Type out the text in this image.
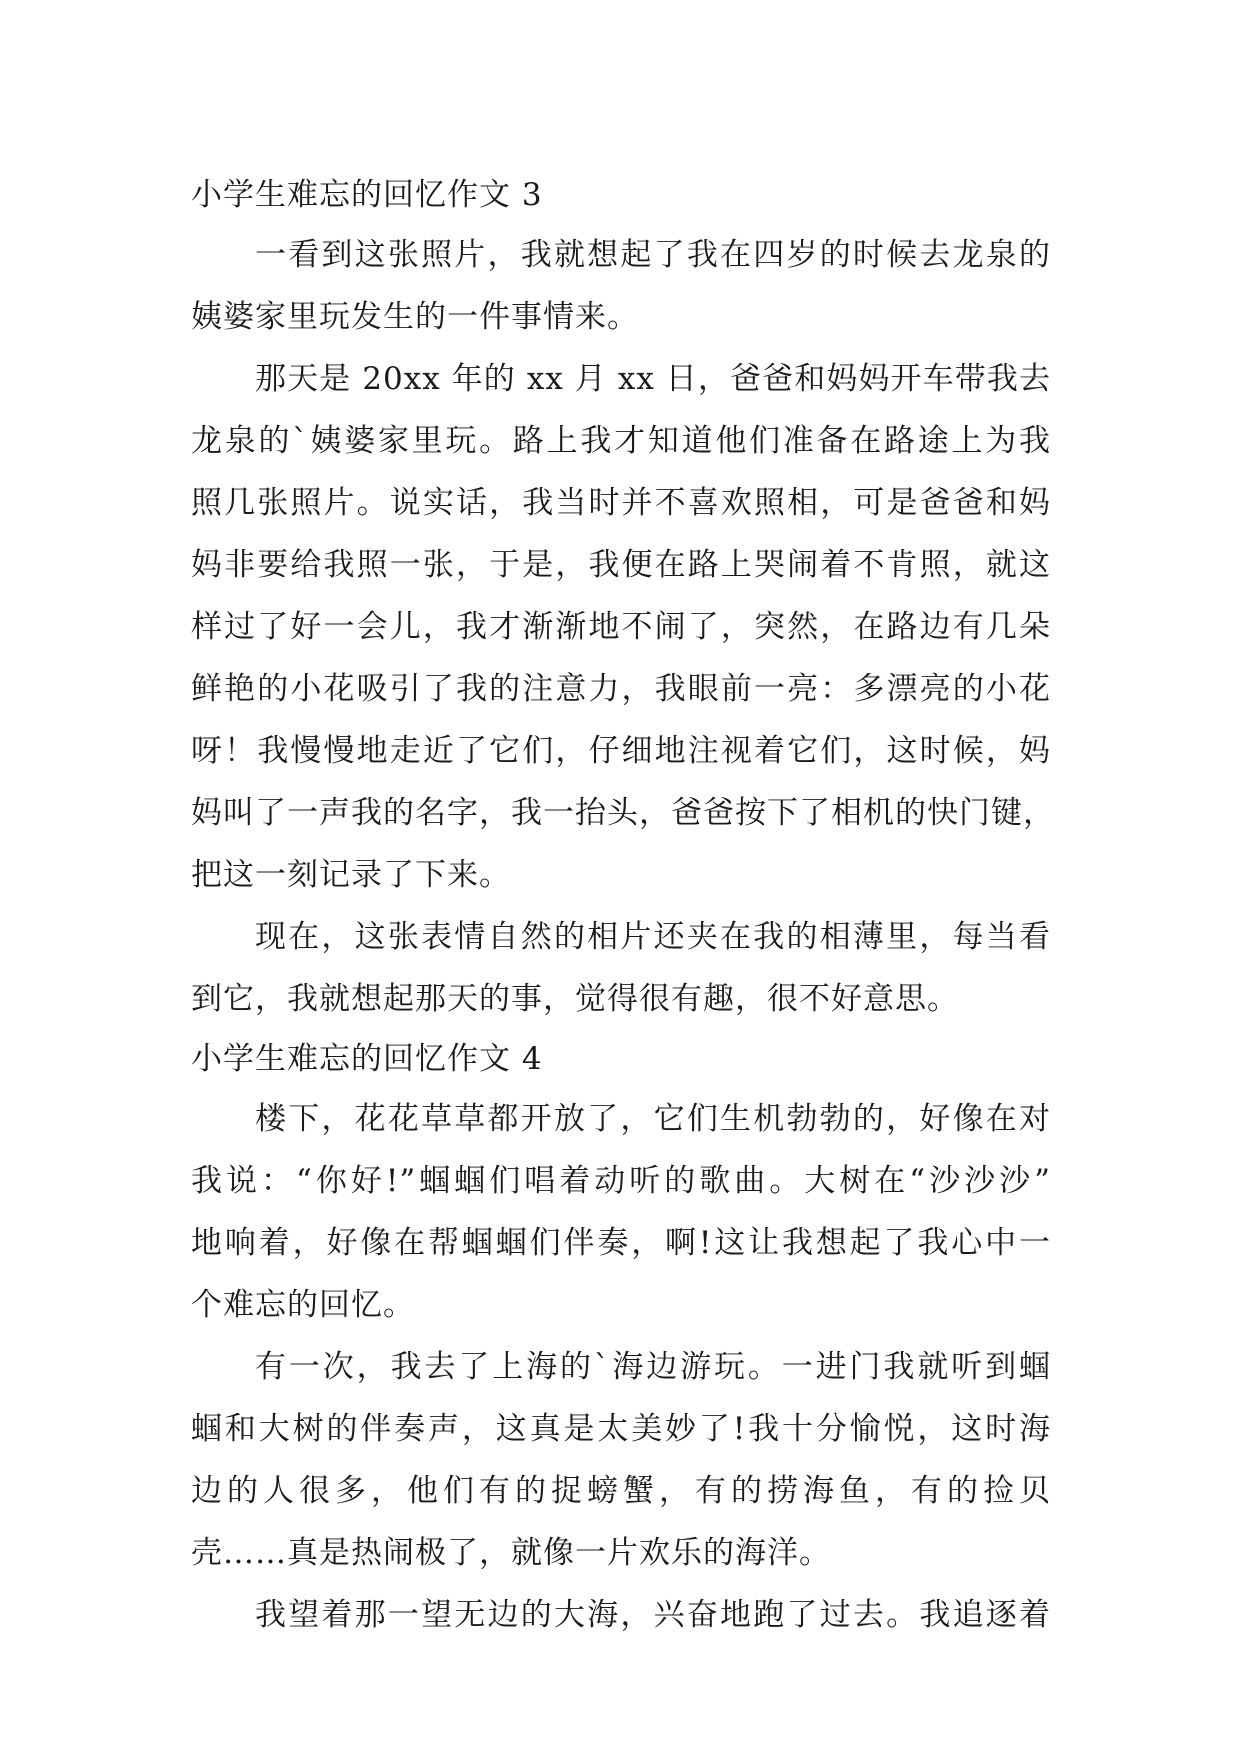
小学生难忘的回忆作文 3
一看到这张照片，我就想起了我在四岁的时候去龙泉的
姨婆家里玩发生的一件事情来。
那天是 20xx 年的 xx 月 xx 日，爸爸和妈妈开车带我去
龙泉的`姨婆家里玩。路上我才知道他们准备在路途上为我
照几张照片。说实话，我当时并不喜欢照相，可是爸爸和妈
妈非要给我照一张，于是，我便在路上哭闹着不肯照，就这
样过了好一会儿，我才渐渐地不闹了，突然，在路边有几朵
鲜艳的小花吸引了我的注意力，我眼前一亮：多漂亮的小花
呀！我慢慢地走近了它们，仔细地注视着它们，这时候，妈
妈叫了一声我的名字，我一抬头，爸爸按下了相机的快门键，
把这一刻记录了下来。
现在，这张表情自然的相片还夹在我的相薄里，每当看
到它，我就想起那天的事，觉得很有趣，很不好意思。
小学生难忘的回忆作文 4
楼下，花花草草都开放了，它们生机勃勃的，好像在对
我说：“你好!”蝈蝈们唱着动听的歌曲。大树在“沙沙沙”
地响着，好像在帮蝈蝈们伴奏，啊!这让我想起了我心中一
个难忘的回忆。
有一次，我去了上海的`海边游玩。一进门我就听到蝈
蝈和大树的伴奏声，这真是太美妙了!我十分愉悦，这时海
边的人很多，他们有的捉螃蟹，有的捞海鱼，有的捡贝
壳……真是热闹极了，就像一片欢乐的海洋。
我望着那一望无边的大海，兴奋地跑了过去。我追逐着
